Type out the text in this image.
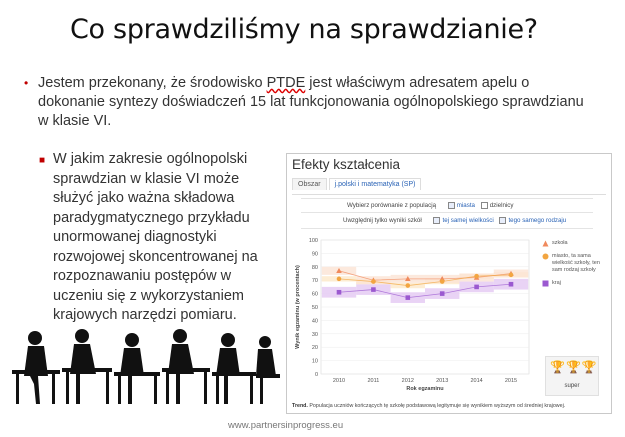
Co sprawdziliśmy na sprawdzianie?
• Jestem przekonany, że środowisko PTDE jest właściwym adresatem apelu o dokonanie syntezy doświadczeń 15 lat funkcjonowania ogólnopolskiego sprawdzianu w klasie VI.
■ W jakim zakresie ogólnopolski sprawdzian w klasie VI może służyć jako ważna składowa paradygmatycznego przykładu unormowanej diagnostyki rozwojowej skoncentrowanej na rozpoznawaniu postępów w uczeniu się z wykorzystaniem krajowych narzędzi pomiaru.
Efekty kształcenia
Obszar j.polski i matematyka (SP)
Wybierz porównanie z populacją	miasta dzielnicy
Uwzględnij tylko wyniki szkół	tej samej wielkości tego samego rodzaju
0
10
20
30
40
50
60
70
80
90
100
2010	2011	2012	2013	2014	2015
Wynik egzaminu (w procentach)
Rok egzaminu
szkoła
miasto, ta sama wielkość szkoły, ten sam rodzaj szkoły
kraj
🏆🏆🏆
super
Trend. Populacja uczniów kończących tę szkołę podstawową legitymuje się wynikiem wyższym od średniej krajowej.
www.partnersinprogress.eu
